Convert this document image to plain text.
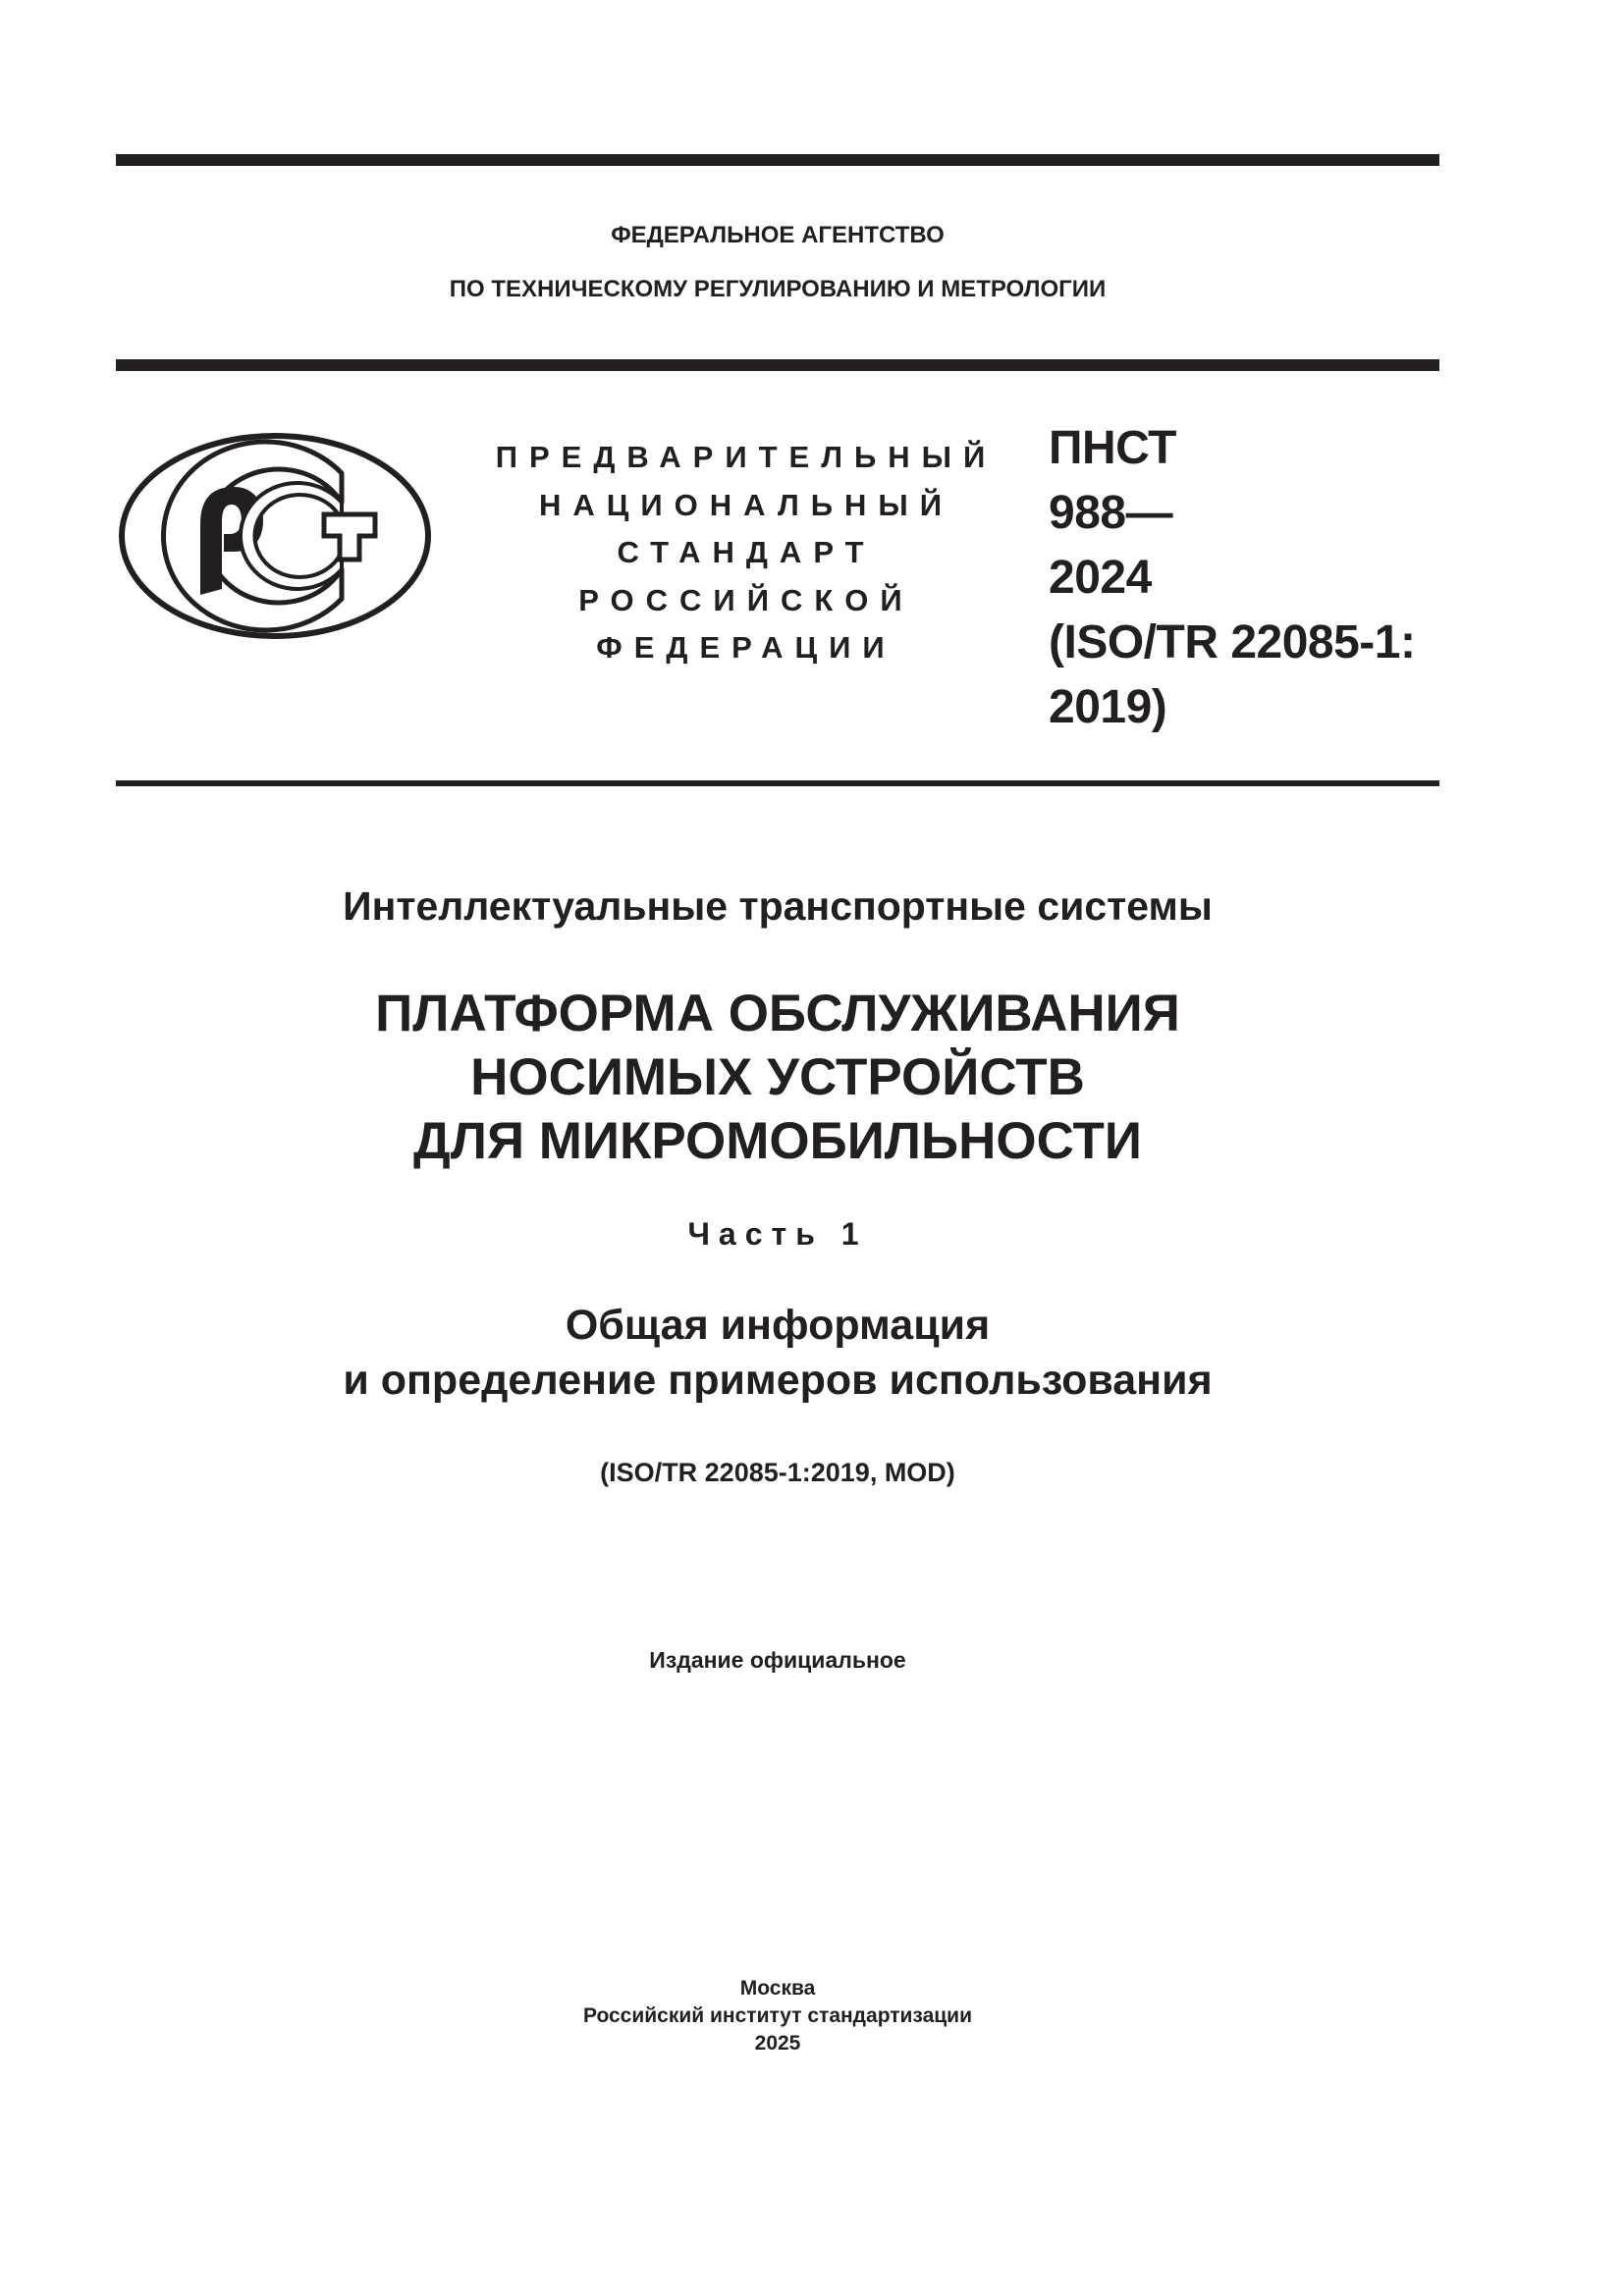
ФЕДЕРАЛЬНОЕ АГЕНТСТВО
ПО ТЕХНИЧЕСКОМУ РЕГУЛИРОВАНИЮ И МЕТРОЛОГИИ
ПРЕДВАРИТЕЛЬНЫЙ
НАЦИОНАЛЬНЫЙ
СТАНДАРТ
РОССИЙСКОЙ
ФЕДЕРАЦИИ
ПНСТ
988—
2024
(ISO/TR 22085-1:
2019)
Интеллектуальные транспортные системы
ПЛАТФОРМА ОБСЛУЖИВАНИЯ
НОСИМЫХ УСТРОЙСТВ
ДЛЯ МИКРОМОБИЛЬНОСТИ
Часть 1
Общая информация
и определение примеров использования
(ISO/TR 22085-1:2019, MOD)
Издание официальное
Москва
Российский институт стандартизации
2025
